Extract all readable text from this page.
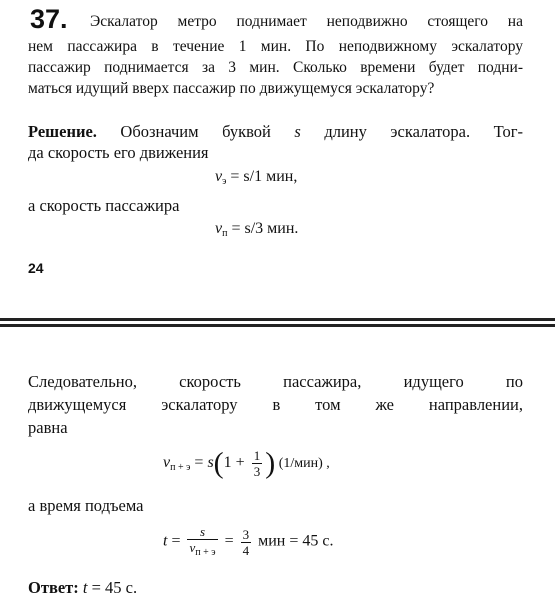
37. Эскалатор метро поднимает неподвижно стоящего на
нем пассажира в течение 1 мин. По неподвижному эскалатору
пассажир поднимается за 3 мин. Сколько времени будет подни-
маться идущий вверх пассажир по движущемуся эскалатору?
Решение. Обозначим буквой s длину эскалатора. Тог-
да скорость его движения
$v_э = s/1$ мин,
а скорость пассажира
$v_п = s/3$ мин.
24
Следовательно, скорость пассажира, идущего по
движущемуся эскалатору в том же направлении,
равна
$v_{п + э} = s(1 + \frac{1}{3}$ ) (1/мин) ,
а время подъема
$t = \frac{s}{v_{п + э}} = \frac{3}{4}$ мин = 45 с.
Ответ: t = 45 с.
